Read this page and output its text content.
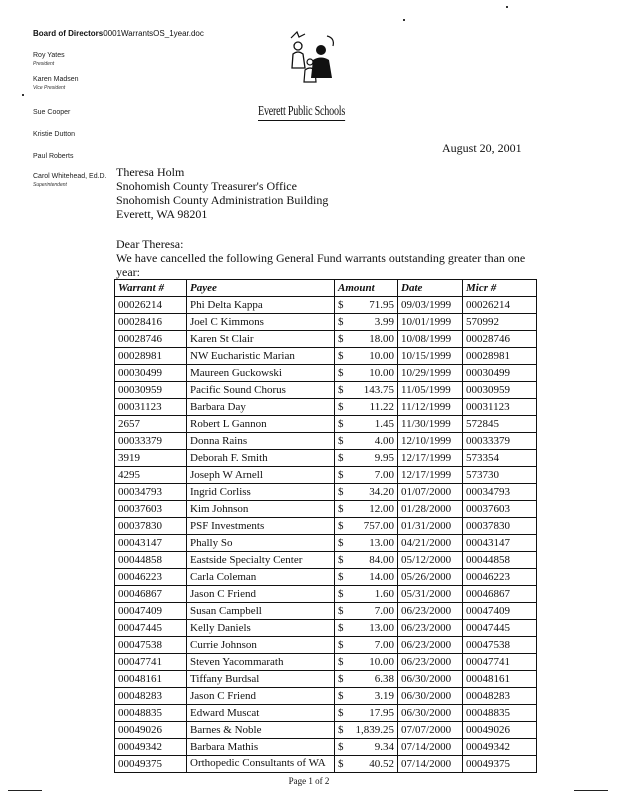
Board of Directors0001WarrantsOS_1year.doc
Roy Yates
President
Karen Madsen
Vice President
Sue Cooper
Kristie Dutton
Paul Roberts
Carol Whitehead, Ed.D.
Superintendent
Everett Public Schools
August 20, 2001
Theresa Holm
Snohomish County Treasurer's Office
Snohomish County Administration Building
Everett, WA 98201
Dear Theresa:
We have cancelled the following General Fund warrants outstanding greater than one year:
Warrant #	Payee	Amount	Date	Micr #
00026214	Phi Delta Kappa	$ 71.95	09/03/1999	00026214
00028416	Joel C Kimmons	$ 3.99	10/01/1999	570992
00028746	Karen St Clair	$ 18.00	10/08/1999	00028746
00028981	NW Eucharistic Marian	$ 10.00	10/15/1999	00028981
00030499	Maureen Guckowski	$ 10.00	10/29/1999	00030499
00030959	Pacific Sound Chorus	$ 143.75	11/05/1999	00030959
00031123	Barbara Day	$ 11.22	11/12/1999	00031123
2657	Robert L Gannon	$ 1.45	11/30/1999	572845
00033379	Donna Rains	$ 4.00	12/10/1999	00033379
3919	Deborah F. Smith	$ 9.95	12/17/1999	573354
4295	Joseph W Arnell	$ 7.00	12/17/1999	573730
00034793	Ingrid Corliss	$ 34.20	01/07/2000	00034793
00037603	Kim Johnson	$ 12.00	01/28/2000	00037603
00037830	PSF Investments	$ 757.00	01/31/2000	00037830
00043147	Phally So	$ 13.00	04/21/2000	00043147
00044858	Eastside Specialty Center	$ 84.00	05/12/2000	00044858
00046223	Carla Coleman	$ 14.00	05/26/2000	00046223
00046867	Jason C Friend	$ 1.60	05/31/2000	00046867
00047409	Susan Campbell	$ 7.00	06/23/2000	00047409
00047445	Kelly Daniels	$ 13.00	06/23/2000	00047445
00047538	Currie Johnson	$ 7.00	06/23/2000	00047538
00047741	Steven Yacommarath	$ 10.00	06/23/2000	00047741
00048161	Tiffany Burdsal	$ 6.38	06/30/2000	00048161
00048283	Jason C Friend	$ 3.19	06/30/2000	00048283
00048835	Edward Muscat	$ 17.95	06/30/2000	00048835
00049026	Barnes & Noble	$ 1,839.25	07/07/2000	00049026
00049342	Barbara Mathis	$ 9.34	07/14/2000	00049342
00049375	Orthopedic Consultants of WA	$ 40.52	07/14/2000	00049375
Page 1 of 2
